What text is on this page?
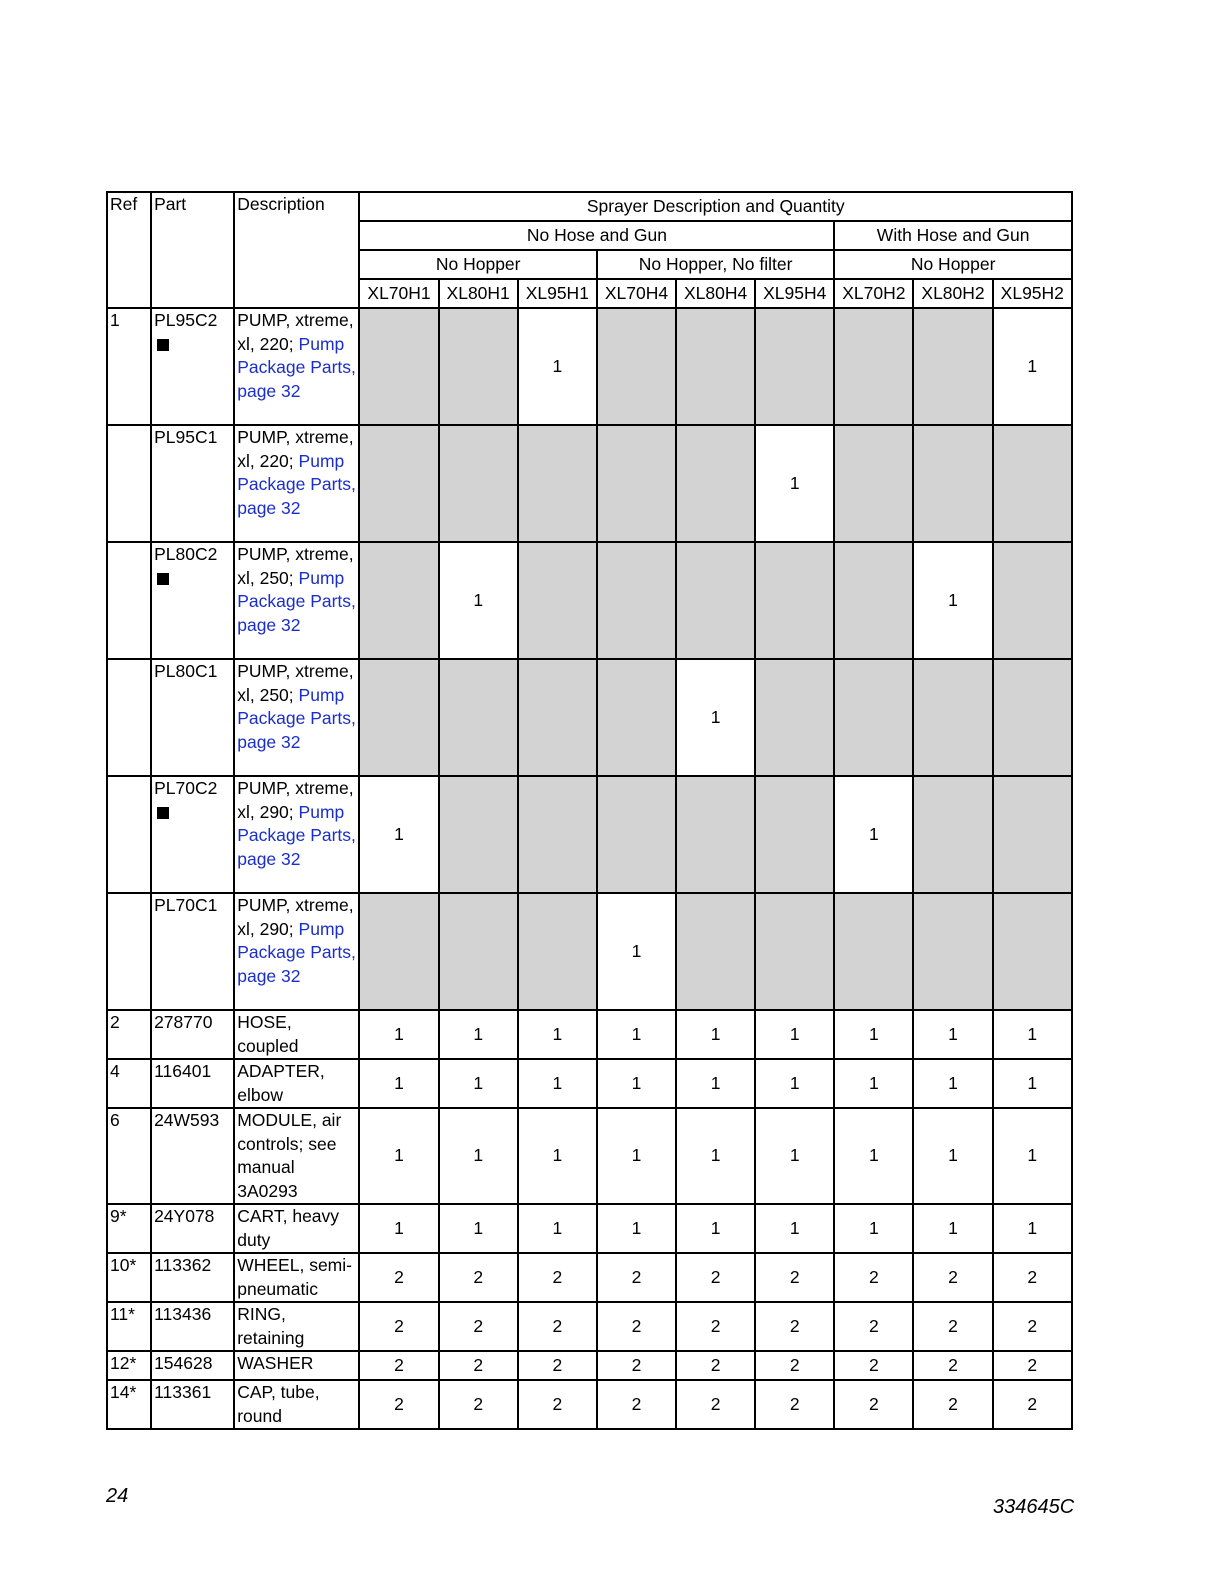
Ref	Part	Description	Sprayer Description and Quantity								
			No Hose and Gun						With Hose and Gun		
			No Hopper			No Hopper, No filter			No Hopper		
			XL70H1	XL80H1	XL95H1	XL70H4	XL80H4	XL95H4	XL70H2	XL80H2	XL95H2
1	PL95C2	PUMP, xtreme, xl, 220; Pump Package Parts, page 32			1						1
	PL95C1	PUMP, xtreme, xl, 220; Pump Package Parts, page 32						1			
	PL80C2	PUMP, xtreme, xl, 250; Pump Package Parts, page 32		1						1	
	PL80C1	PUMP, xtreme, xl, 250; Pump Package Parts, page 32					1				
	PL70C2	PUMP, xtreme, xl, 290; Pump Package Parts, page 32	1						1		
	PL70C1	PUMP, xtreme, xl, 290; Pump Package Parts, page 32				1					
2	278770	HOSE, coupled	1	1	1	1	1	1	1	1	1
4	116401	ADAPTER, elbow	1	1	1	1	1	1	1	1	1
6	24W593	MODULE, air controls; see manual 3A0293	1	1	1	1	1	1	1	1	1
9*	24Y078	CART, heavy duty	1	1	1	1	1	1	1	1	1
10*	113362	WHEEL, semi-pneumatic	2	2	2	2	2	2	2	2	2
11*	113436	RING, retaining	2	2	2	2	2	2	2	2	2
12*	154628	WASHER	2	2	2	2	2	2	2	2	2
14*	113361	CAP, tube, round	2	2	2	2	2	2	2	2	2
24	334645C
